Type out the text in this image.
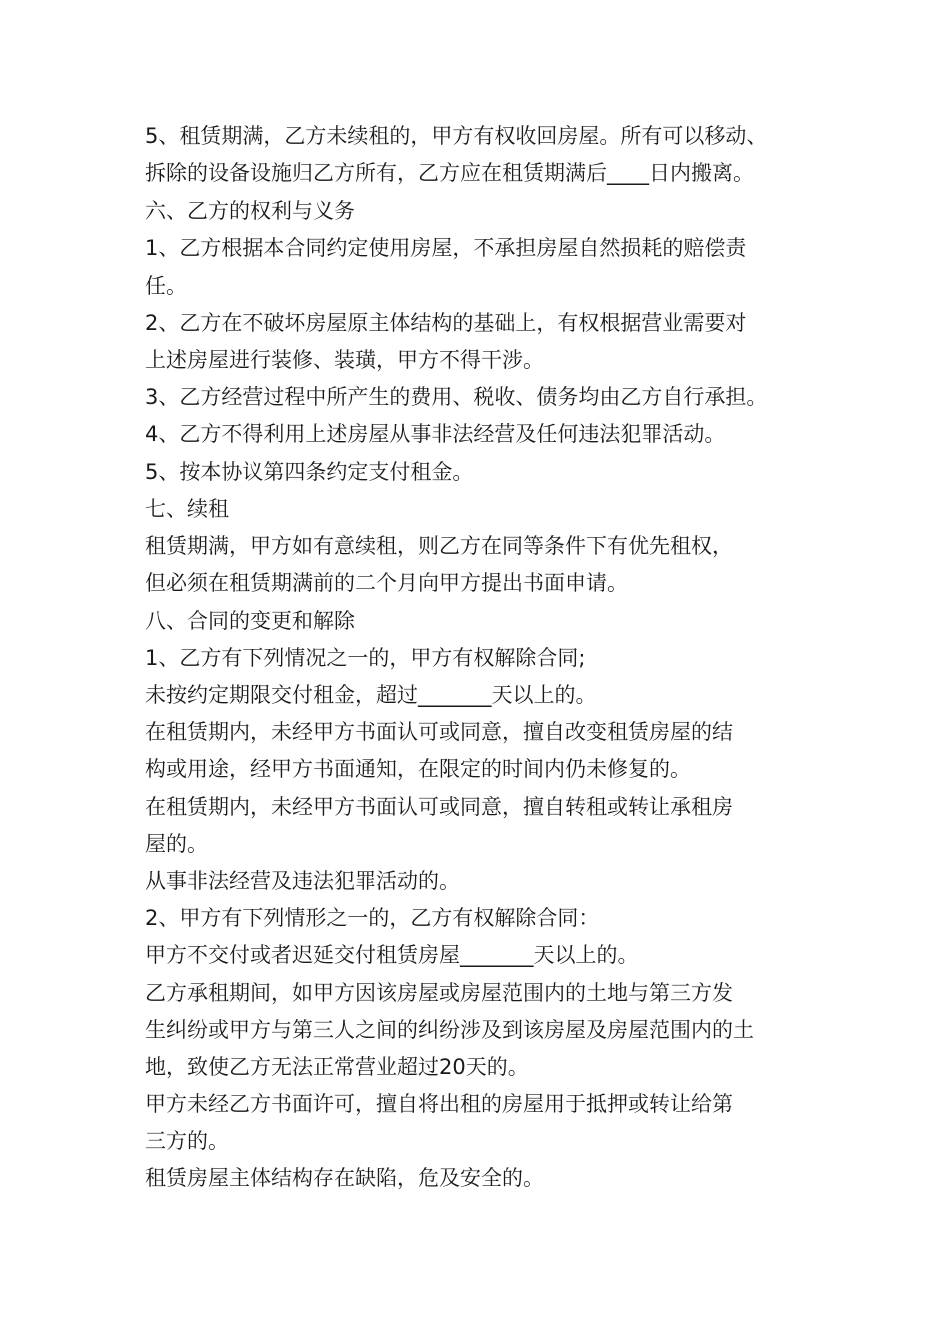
5、租赁期满，乙方未续租的，甲方有权收回房屋。所有可以移动、

拆除的设备设施归乙方所有，乙方应在租赁期满后____日内搬离。

六、乙方的权利与义务

1、乙方根据本合同约定使用房屋，不承担房屋自然损耗的赔偿责

任。

2、乙方在不破坏房屋原主体结构的基础上，有权根据营业需要对

上述房屋进行装修、装璜，甲方不得干涉。

3、乙方经营过程中所产生的费用、税收、债务均由乙方自行承担。

4、乙方不得利用上述房屋从事非法经营及任何违法犯罪活动。

5、按本协议第四条约定支付租金。

七、续租

租赁期满，甲方如有意续租，则乙方在同等条件下有优先租权，

但必须在租赁期满前的二个月向甲方提出书面申请。

八、合同的变更和解除

1、乙方有下列情况之一的，甲方有权解除合同;

未按约定期限交付租金，超过_______天以上的。

在租赁期内，未经甲方书面认可或同意，擅自改变租赁房屋的结

构或用途，经甲方书面通知，在限定的时间内仍未修复的。

在租赁期内，未经甲方书面认可或同意，擅自转租或转让承租房

屋的。

从事非法经营及违法犯罪活动的。

2、甲方有下列情形之一的，乙方有权解除合同：

甲方不交付或者迟延交付租赁房屋_______天以上的。

乙方承租期间，如甲方因该房屋或房屋范围内的土地与第三方发

生纠纷或甲方与第三人之间的纠纷涉及到该房屋及房屋范围内的土

地，致使乙方无法正常营业超过20天的。

甲方未经乙方书面许可，擅自将出租的房屋用于抵押或转让给第

三方的。

租赁房屋主体结构存在缺陷，危及安全的。
